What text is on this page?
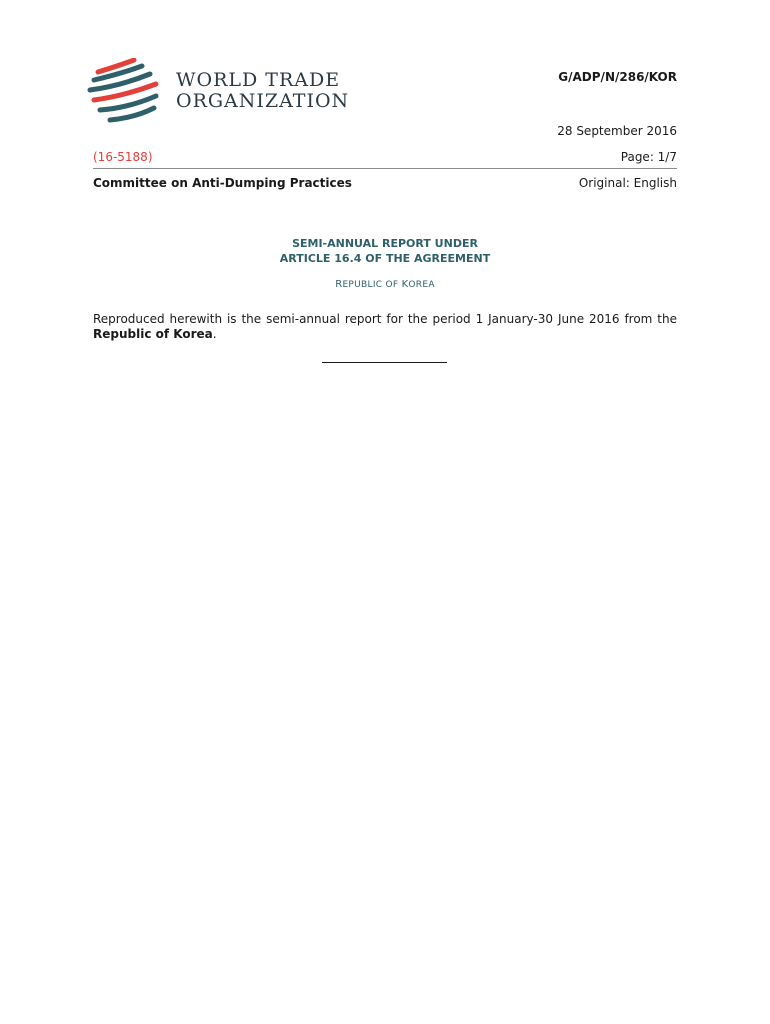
WORLD TRADE
ORGANIZATION
G/ADP/N/286/KOR
28 September 2016
(16-5188)	Page: 1/7
Committee on Anti-Dumping Practices	Original: English
SEMI-ANNUAL REPORT UNDER
ARTICLE 16.4 OF THE AGREEMENT
REPUBLIC OF KOREA
Reproduced herewith is the semi-annual report for the period 1 January-30 June 2016 from the Republic of Korea.
